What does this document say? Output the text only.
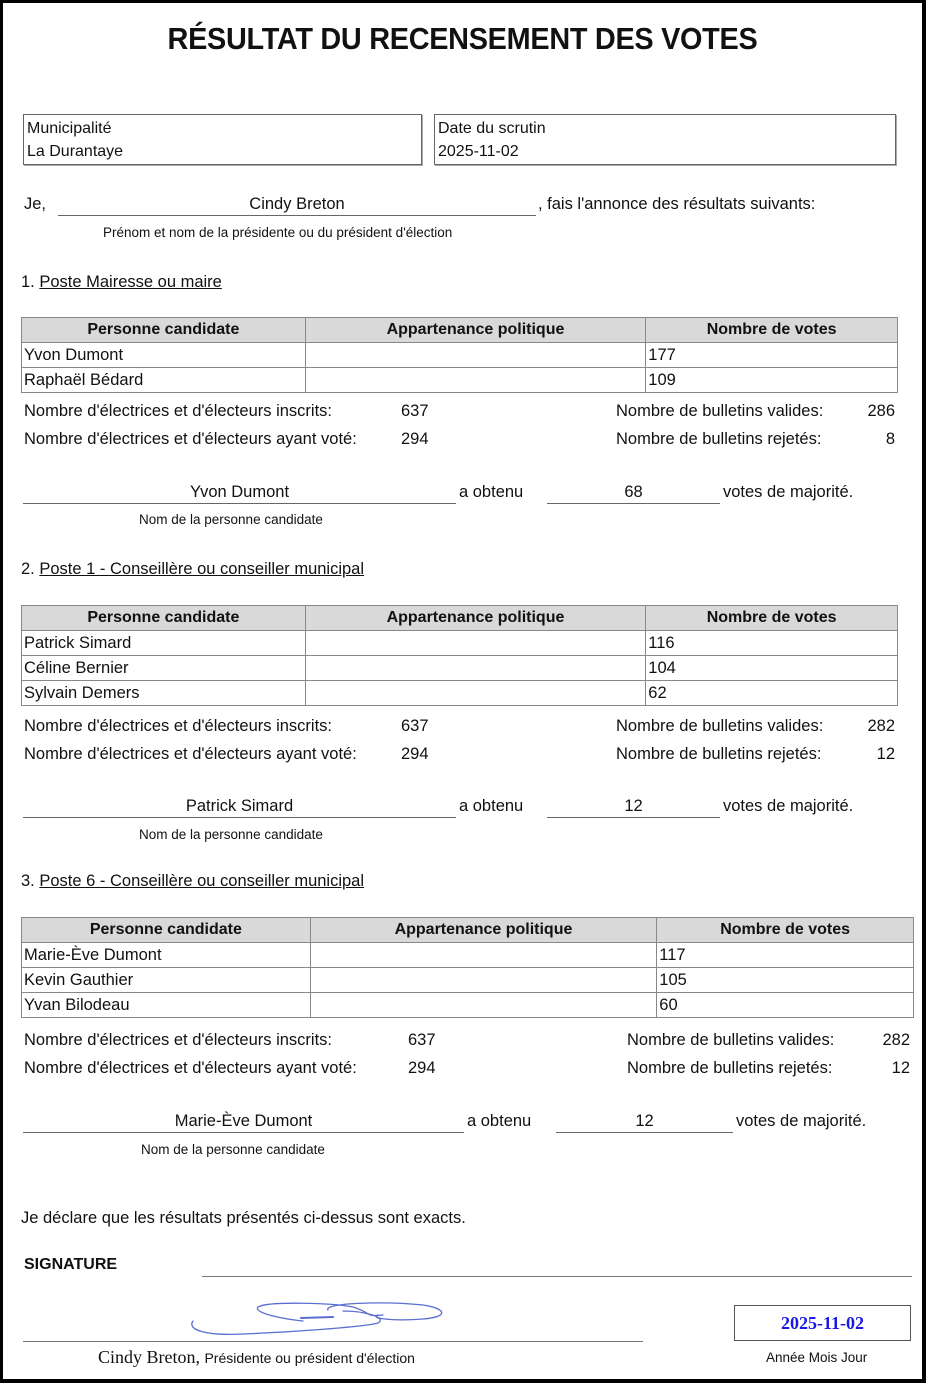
RÉSULTAT DU RECENSEMENT DES VOTES
Municipalité
La Durantaye
Date du scrutin
2025-11-02
Je,	Cindy Breton	, fais l'annonce des résultats suivants:
Prénom et nom de la présidente ou du président d'élection
1. Poste Mairesse ou maire
Personne candidate	Appartenance politique	Nombre de votes
Yvon Dumont		177
Raphaël Bédard		109
Nombre d'électrices et d'électeurs inscrits:	637
Nombre d'électrices et d'électeurs ayant voté:	294
Nombre de bulletins valides:	286
Nombre de bulletins rejetés:	8
Yvon Dumont	a obtenu	68	votes de majorité.
Nom de la personne candidate
2. Poste 1 - Conseillère ou conseiller municipal
Personne candidate	Appartenance politique	Nombre de votes
Patrick Simard		116
Céline Bernier		104
Sylvain Demers		62
Nombre d'électrices et d'électeurs inscrits:	637
Nombre d'électrices et d'électeurs ayant voté:	294
Nombre de bulletins valides:	282
Nombre de bulletins rejetés:	12
Patrick Simard	a obtenu	12	votes de majorité.
Nom de la personne candidate
3. Poste 6 - Conseillère ou conseiller municipal
Personne candidate	Appartenance politique	Nombre de votes
Marie-Ève Dumont		117
Kevin Gauthier		105
Yvan Bilodeau		60
Nombre d'électrices et d'électeurs inscrits:	637
Nombre d'électrices et d'électeurs ayant voté:	294
Nombre de bulletins valides:	282
Nombre de bulletins rejetés:	12
Marie-Ève Dumont	a obtenu	12	votes de majorité.
Nom de la personne candidate
Je déclare que les résultats présentés ci-dessus sont exacts.
SIGNATURE
Cindy Breton, Présidente ou président d'élection
2025-11-02
Année Mois Jour
